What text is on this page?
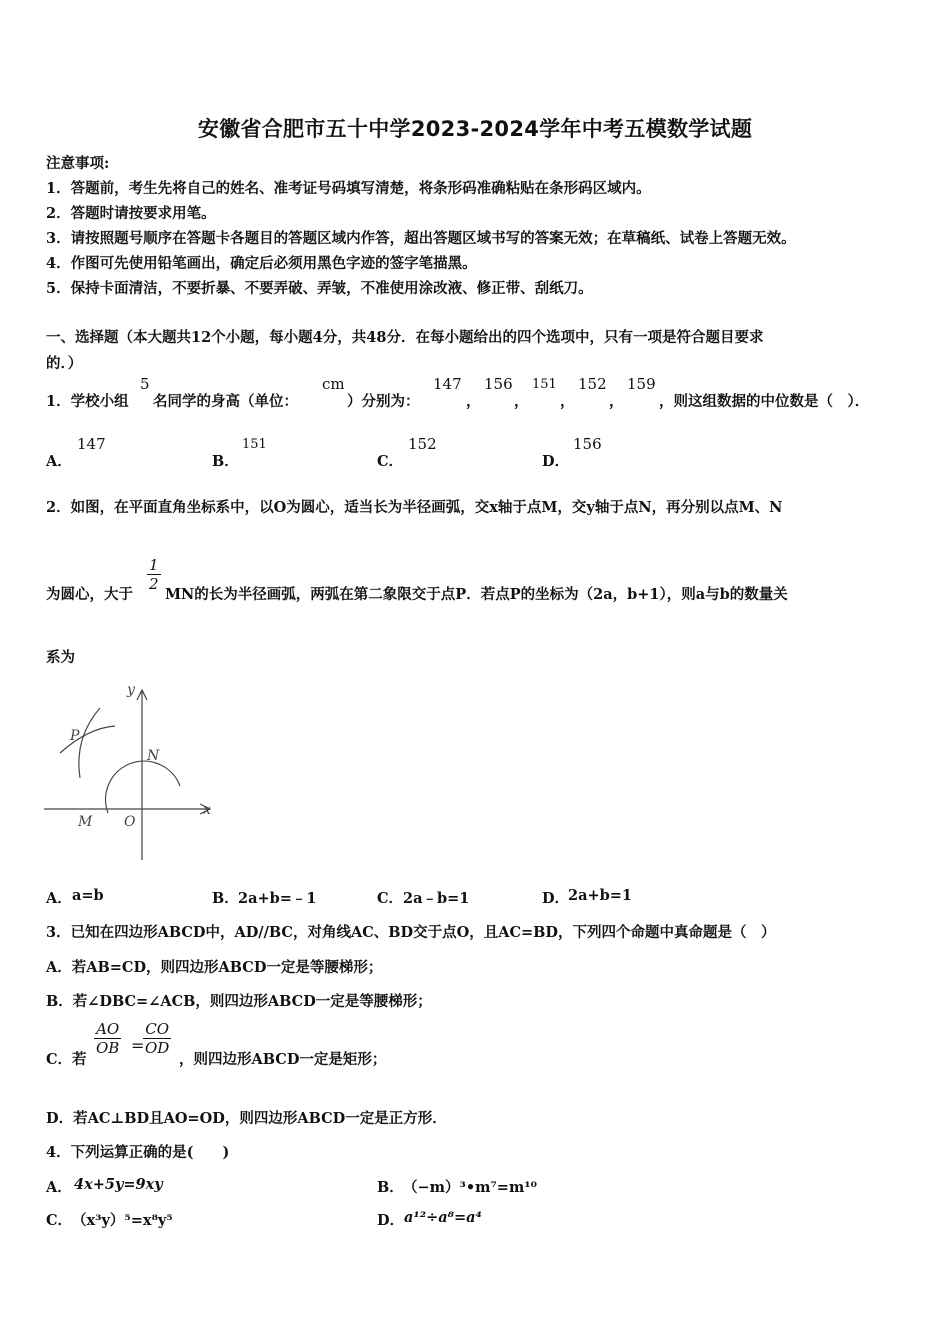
安徽省合肥市五十中学2023-2024学年中考五模数学试题
注意事项:
1．答题前，考生先将自己的姓名、准考证号码填写清楚，将条形码准确粘贴在条形码区域内。
2．答题时请按要求用笔。
3．请按照题号顺序在答题卡各题目的答题区域内作答，超出答题区域书写的答案无效；在草稿纸、试卷上答题无效。
4．作图可先使用铅笔画出，确定后必须用黑色字迹的签字笔描黑。
5．保持卡面清洁，不要折暴、不要弄破、弄皱，不准使用涂改液、修正带、刮纸刀。
一、选择题（本大题共12个小题，每小题4分，共48分．在每小题给出的四个选项中，只有一项是符合题目要求
的．）
1．学校小组
5
名同学的身高（单位：
cm
）分别为：
147
，
156
，
151
，
152
，
159
，则这组数据的中位数是（　）．
A．
147
B．
151
C．
152
D．
156
2．如图，在平面直角坐标系中，以O为圆心，适当长为半径画弧，交x轴于点M，交y轴于点N，再分别以点M、N
为圆心，大于
$\frac{1}{2}$
MN的长为半径画弧，两弧在第二象限交于点P．若点P的坐标为（2a，b+1），则a与b的数量关
系为
y
x
P
N
M O
A． a=b	B． 2a+b=﹣1	C． 2a﹣b=1	D．
2a+b=1
3．已知在四边形ABCD中，AD//BC，对角线AC、BD交于点O，且AC=BD，下列四个命题中真命题是（　）
A．若AB=CD，则四边形ABCD一定是等腰梯形；
B．若∠DBC=∠ACB，则四边形ABCD一定是等腰梯形；
C．若
$\frac{AO}{OB}$ =
$\frac{CO}{OD}$
，则四边形ABCD一定是矩形；
D．若AC⊥BD且AO=OD，则四边形ABCD一定是正方形．
4．下列运算正确的是(　　)
A． 4x+5y=9xy	B． （−m）³•m⁷=m¹⁰
C． （x³y）⁵=x⁸y⁵	D． a¹²÷a⁸=a⁴
